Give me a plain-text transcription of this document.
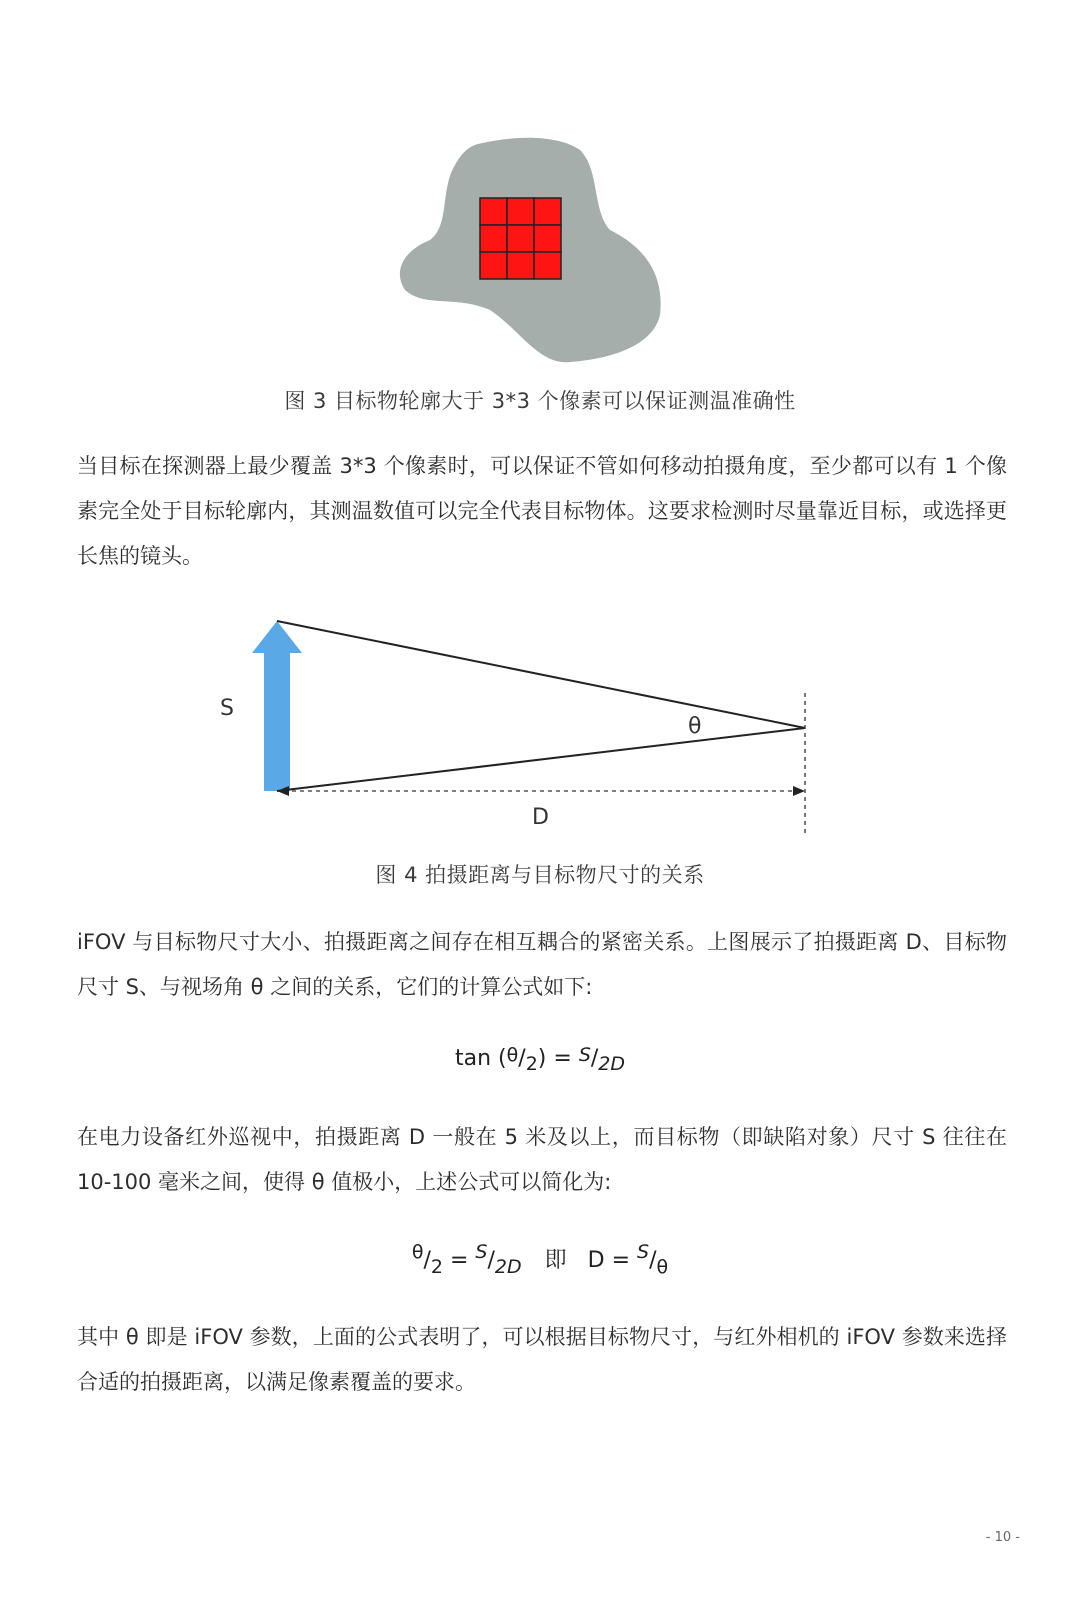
图 3 目标物轮廓大于 3*3 个像素可以保证测温准确性
当目标在探测器上最少覆盖 3*3 个像素时，可以保证不管如何移动拍摄角度，至少都可以有 1 个像素完全处于目标轮廓内，其测温数值可以完全代表目标物体。这要求检测时尽量靠近目标，或选择更长焦的镜头。
S
θ
D
图 4 拍摄距离与目标物尺寸的关系
iFOV 与目标物尺寸大小、拍摄距离之间存在相互耦合的紧密关系。上图展示了拍摄距离 D、目标物尺寸 S、与视场角 θ 之间的关系，它们的计算公式如下:
$\tan (^\theta/_2) = ^S/_{2D}$
在电力设备红外巡视中，拍摄距离 D 一般在 5 米及以上，而目标物（即缺陷对象）尺寸 S 往往在 10-100 毫米之间，使得 θ 值极小，上述公式可以简化为:
$^\theta/_2 = ^S/_{2D}$ 即 $D = ^S/_\theta$
其中 θ 即是 iFOV 参数，上面的公式表明了，可以根据目标物尺寸，与红外相机的 iFOV 参数来选择合适的拍摄距离，以满足像素覆盖的要求。
- 10 -
